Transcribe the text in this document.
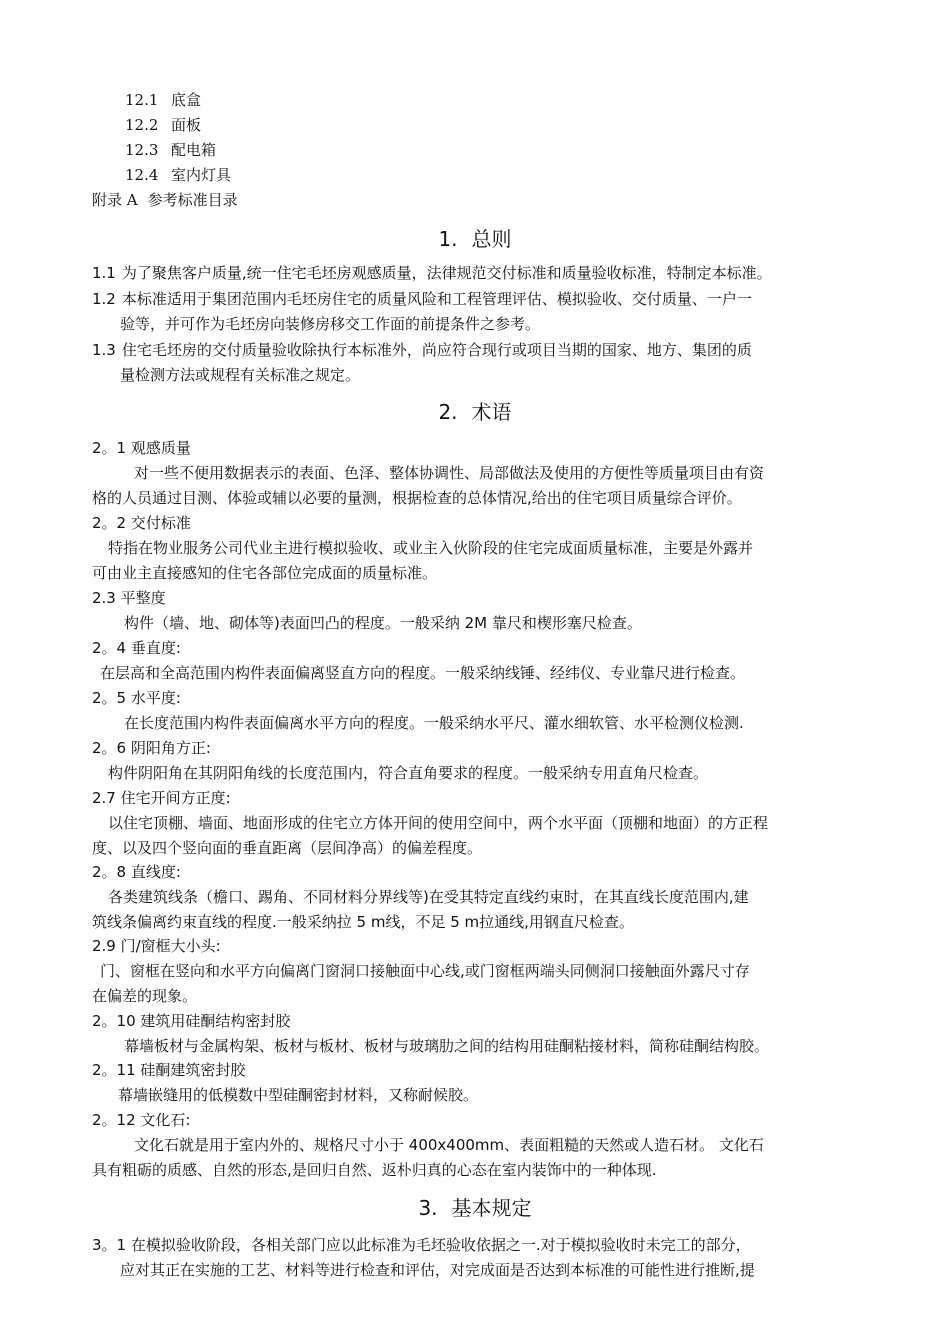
12.1 底盒
12.2 面板
12.3 配电箱
12.4 室内灯具
附录 A 参考标准目录
1. 总则
1.1 为了聚焦客户质量,统一住宅毛坯房观感质量，法律规范交付标准和质量验收标准，特制定本标准。
1.2 本标准适用于集团范围内毛坯房住宅的质量风险和工程管理评估、模拟验收、交付质量、一户一
验等，并可作为毛坯房向装修房移交工作面的前提条件之参考。
1.3 住宅毛坯房的交付质量验收除执行本标准外，尚应符合现行或项目当期的国家、地方、集团的质
量检测方法或规程有关标准之规定。
2. 术语
2。1 观感质量
对一些不便用数据表示的表面、色泽、整体协调性、局部做法及使用的方便性等质量项目由有资
格的人员通过目测、体验或辅以必要的量测，根据检查的总体情况,给出的住宅项目质量综合评价。
2。2 交付标准
特指在物业服务公司代业主进行模拟验收、或业主入伙阶段的住宅完成面质量标准，主要是外露并
可由业主直接感知的住宅各部位完成面的质量标准。
2.3 平整度
构件（墙、地、砌体等)表面凹凸的程度。一般采纳 2M 靠尺和楔形塞尺检查。
2。4 垂直度:
在层高和全高范围内构件表面偏离竖直方向的程度。一般采纳线锤、经纬仪、专业靠尺进行检查。
2。5 水平度:
在长度范围内构件表面偏离水平方向的程度。一般采纳水平尺、灌水细软管、水平检测仪检测.
2。6 阴阳角方正:
构件阴阳角在其阴阳角线的长度范围内，符合直角要求的程度。一般采纳专用直角尺检查。
2.7 住宅开间方正度:
以住宅顶棚、墙面、地面形成的住宅立方体开间的使用空间中，两个水平面（顶棚和地面）的方正程
度、以及四个竖向面的垂直距离（层间净高）的偏差程度。
2。8 直线度:
各类建筑线条（檐口、踢角、不同材料分界线等)在受其特定直线约束时，在其直线长度范围内,建
筑线条偏离约束直线的程度.一般采纳拉 5 m线，不足 5 m拉通线,用钢直尺检查。
2.9 门/窗框大小头:
门、窗框在竖向和水平方向偏离门窗洞口接触面中心线,或门窗框两端头同侧洞口接触面外露尺寸存
在偏差的现象。
2。10 建筑用硅酮结构密封胶
幕墙板材与金属构架、板材与板材、板材与玻璃肋之间的结构用硅酮粘接材料，简称硅酮结构胶。
2。11 硅酮建筑密封胶
幕墙嵌缝用的低模数中型硅酮密封材料，又称耐候胶。
2。12 文化石:
文化石就是用于室内外的、规格尺寸小于 400x400mm、表面粗糙的天然或人造石材。 文化石
具有粗砺的质感、自然的形态,是回归自然、返朴归真的心态在室内装饰中的一种体现.
3. 基本规定
3。1 在模拟验收阶段，各相关部门应以此标准为毛坯验收依据之一.对于模拟验收时未完工的部分，
应对其正在实施的工艺、材料等进行检查和评估，对完成面是否达到本标准的可能性进行推断,提
